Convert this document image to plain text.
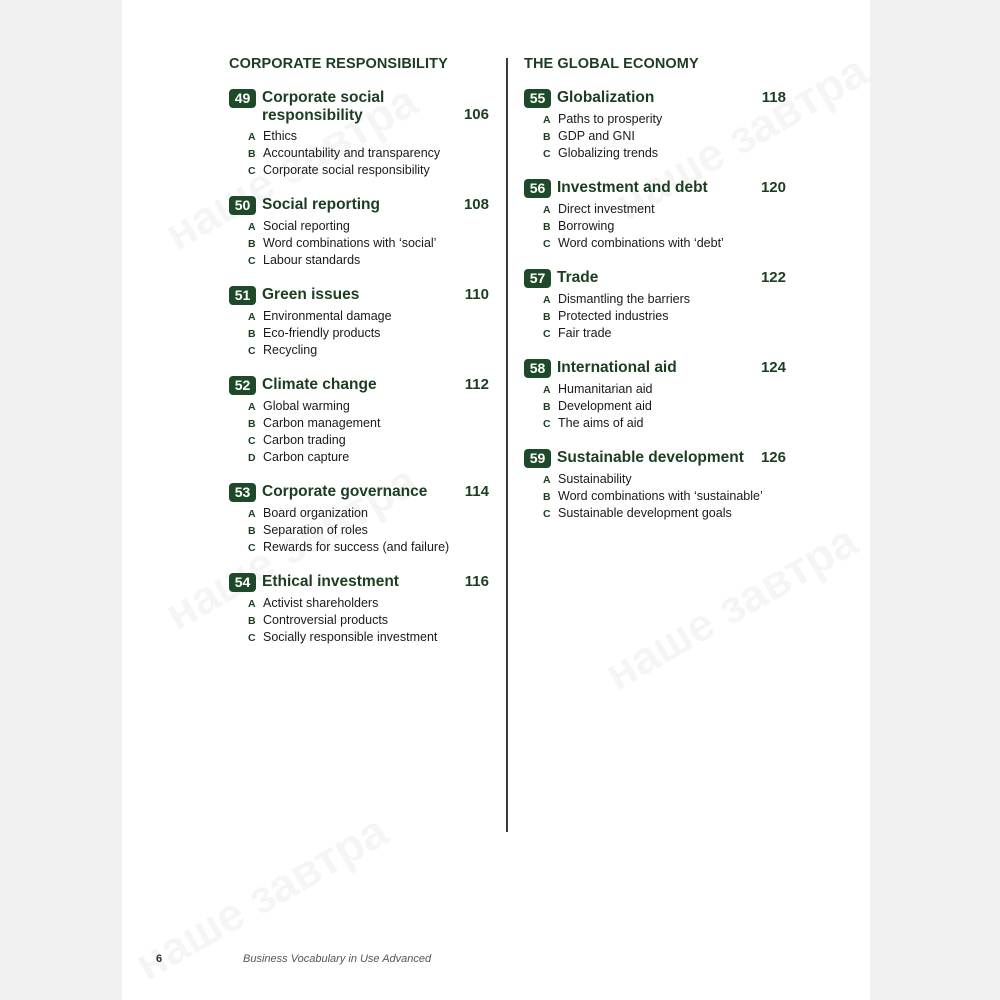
CORPORATE RESPONSIBILITY
49 Corporate social responsibility	106
A Ethics
B Accountability and transparency
C Corporate social responsibility
50 Social reporting	108
A Social reporting
B Word combinations with ‘social’
C Labour standards
51 Green issues	110
A Environmental damage
B Eco-friendly products
C Recycling
52 Climate change	112
A Global warming
B Carbon management
C Carbon trading
D Carbon capture
53 Corporate governance	114
A Board organization
B Separation of roles
C Rewards for success (and failure)
54 Ethical investment	116
A Activist shareholders
B Controversial products
C Socially responsible investment
THE GLOBAL ECONOMY
55 Globalization	118
A Paths to prosperity
B GDP and GNI
C Globalizing trends
56 Investment and debt	120
A Direct investment
B Borrowing
C Word combinations with ‘debt’
57 Trade	122
A Dismantling the barriers
B Protected industries
C Fair trade
58 International aid	124
A Humanitarian aid
B Development aid
C The aims of aid
59 Sustainable development	126
A Sustainability
B Word combinations with ‘sustainable’
C Sustainable development goals
6	Business Vocabulary in Use Advanced
